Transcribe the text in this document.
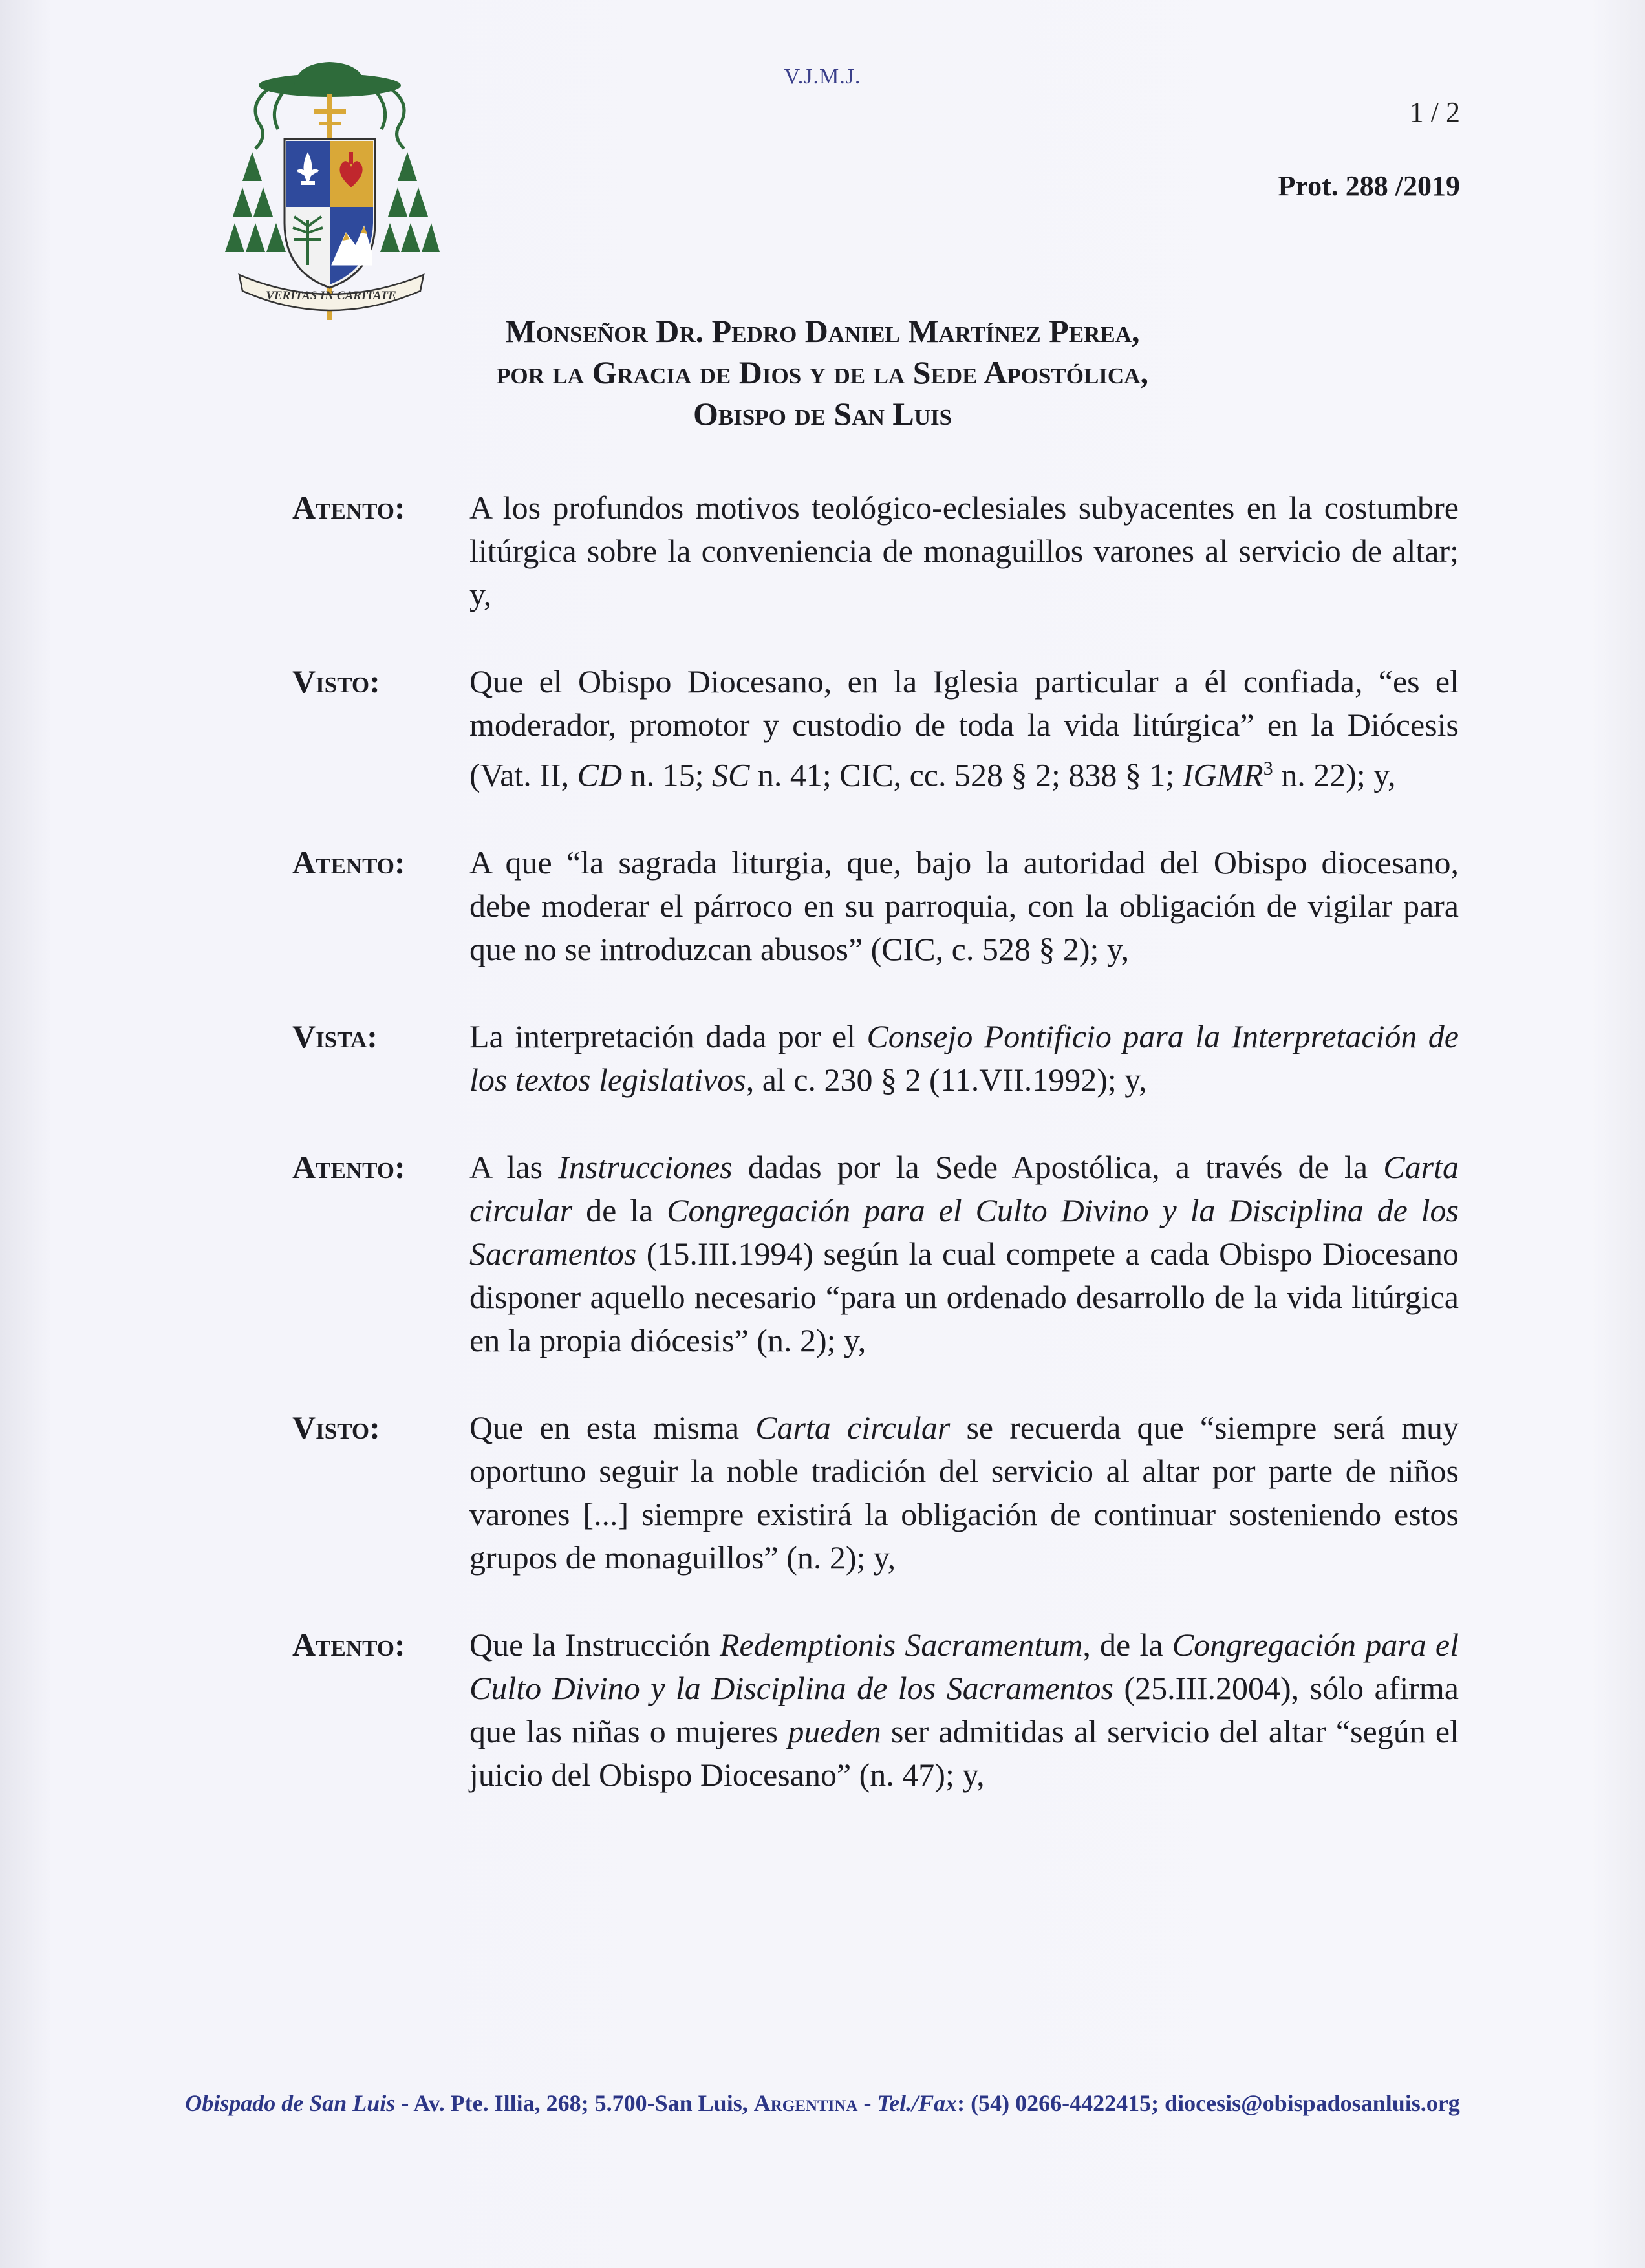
VERITAS IN CARITATE
V.J.M.J.
1 / 2
Prot. 288 /2019
Monseñor Dr. Pedro Daniel Martínez Perea,
por la Gracia de Dios y de la Sede Apostólica,
Obispo de San Luis
Atento:	A los profundos motivos teológico-eclesiales subyacentes en la costumbre litúrgica sobre la conveniencia de monaguillos varones al servicio de altar; y,
Visto:	Que el Obispo Diocesano, en la Iglesia particular a él confiada, “es el moderador, promotor y custodio de toda la vida litúrgica” en la Diócesis (Vat. II, CD n. 15; SC n. 41; CIC, cc. 528 § 2; 838 § 1; IGMR$^3$ n. 22); y,
Atento:	A que “la sagrada liturgia, que, bajo la autoridad del Obispo diocesano, debe moderar el párroco en su parroquia, con la obligación de vigilar para que no se introduzcan abusos” (CIC, c. 528 § 2); y,
Vista:	La interpretación dada por el Consejo Pontificio para la Interpretación de los textos legislativos, al c. 230 § 2 (11.VII.1992); y,
Atento:	A las Instrucciones dadas por la Sede Apostólica, a través de la Carta circular de la Congregación para el Culto Divino y la Disciplina de los Sacramentos (15.III.1994) según la cual compete a cada Obispo Diocesano disponer aquello necesario “para un ordenado desarrollo de la vida litúrgica en la propia diócesis” (n. 2); y,
Visto:	Que en esta misma Carta circular se recuerda que “siempre será muy oportuno seguir la noble tradición del servicio al altar por parte de niños varones [...] siempre existirá la obligación de continuar sosteniendo estos grupos de monaguillos” (n. 2); y,
Atento:	Que la Instrucción Redemptionis Sacramentum, de la Congregación para el Culto Divino y la Disciplina de los Sacramentos (25.III.2004), sólo afirma que las niñas o mujeres pueden ser admitidas al servicio del altar “según el juicio del Obispo Diocesano” (n. 47); y,
Obispado de San Luis - Av. Pte. Illia, 268; 5.700-San Luis, Argentina - Tel./Fax: (54) 0266-4422415; diocesis@obispadosanluis.org
